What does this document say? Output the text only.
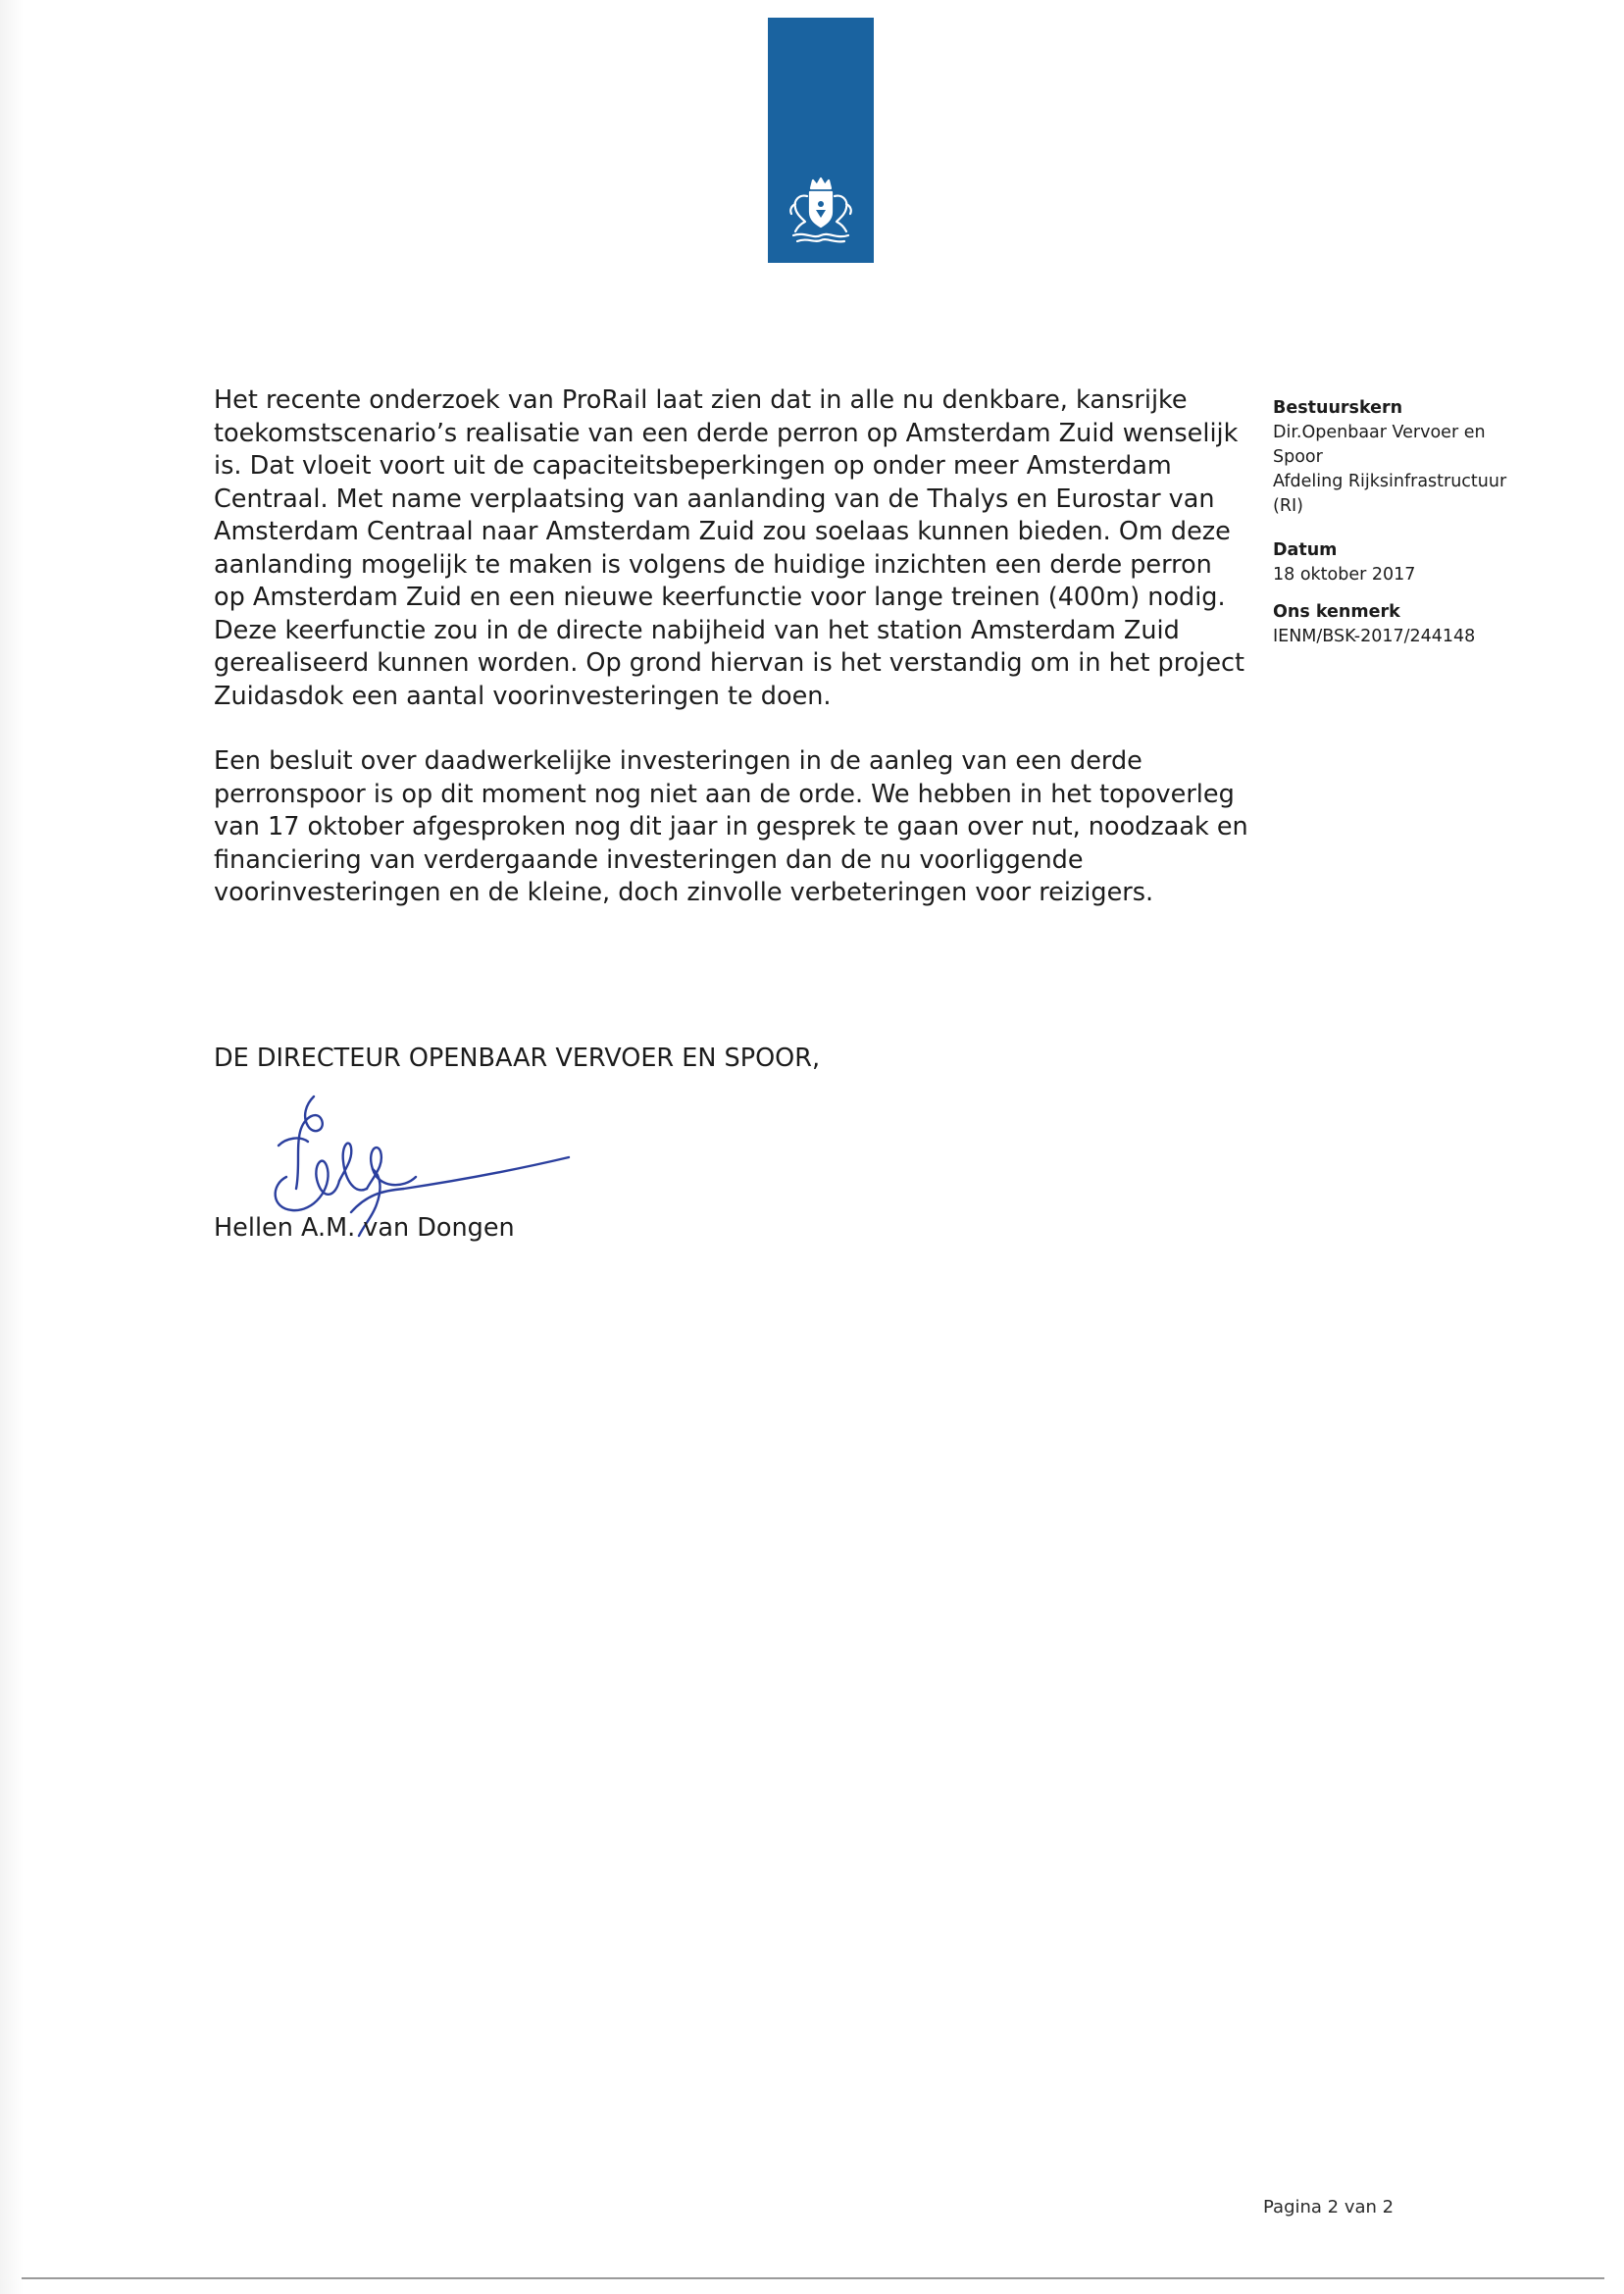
Het recente onderzoek van ProRail laat zien dat in alle nu denkbare, kansrijke toekomstscenario’s realisatie van een derde perron op Amsterdam Zuid wenselijk is. Dat vloeit voort uit de capaciteitsbeperkingen op onder meer Amsterdam Centraal. Met name verplaatsing van aanlanding van de Thalys en Eurostar van Amsterdam Centraal naar Amsterdam Zuid zou soelaas kunnen bieden. Om deze aanlanding mogelijk te maken is volgens de huidige inzichten een derde perron op Amsterdam Zuid en een nieuwe keerfunctie voor lange treinen (400m) nodig. Deze keerfunctie zou in de directe nabijheid van het station Amsterdam Zuid gerealiseerd kunnen worden. Op grond hiervan is het verstandig om in het project Zuidasdok een aantal voorinvesteringen te doen.

Een besluit over daadwerkelijke investeringen in de aanleg van een derde perronspoor is op dit moment nog niet aan de orde. We hebben in het topoverleg van 17 oktober afgesproken nog dit jaar in gesprek te gaan over nut, noodzaak en financiering van verdergaande investeringen dan de nu voorliggende voorinvesteringen en de kleine, doch zinvolle verbeteringen voor reizigers.

DE DIRECTEUR OPENBAAR VERVOER EN SPOOR,
Hellen A.M. van Dongen
Bestuurskern
Dir.Openbaar Vervoer en
Spoor
Afdeling Rijksinfrastructuur
(RI)
Datum
18 oktober 2017
Ons kenmerk
IENM/BSK-2017/244148
Pagina 2 van 2
